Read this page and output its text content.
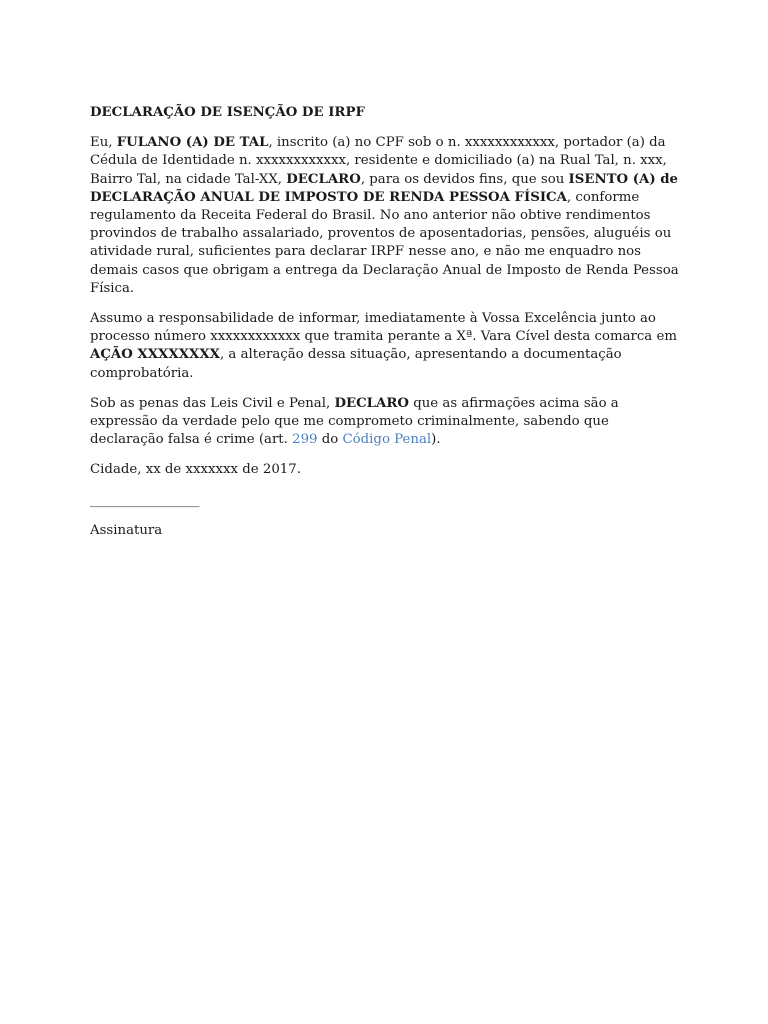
DECLARAÇÃO DE ISENÇÃO DE IRPF

Eu, FULANO (A) DE TAL, inscrito (a) no CPF sob o n. xxxxxxxxxxxx, portador (a) da Cédula de Identidade n. xxxxxxxxxxxx, residente e domiciliado (a) na Rual Tal, n. xxx, Bairro Tal, na cidade Tal-XX, DECLARO, para os devidos fins, que sou ISENTO (A) de DECLARAÇÃO ANUAL DE IMPOSTO DE RENDA PESSOA FÍSICA, conforme regulamento da Receita Federal do Brasil. No ano anterior não obtive rendimentos provindos de trabalho assalariado, proventos de aposentadorias, pensões, aluguéis ou atividade rural, suficientes para declarar IRPF nesse ano, e não me enquadro nos demais casos que obrigam a entrega da Declaração Anual de Imposto de Renda Pessoa Física.

Assumo a responsabilidade de informar, imediatamente à Vossa Excelência junto ao processo número xxxxxxxxxxxx que tramita perante a Xª. Vara Cível desta comarca em AÇÃO XXXXXXXX, a alteração dessa situação, apresentando a documentação comprobatória.

Sob as penas das Leis Civil e Penal, DECLARO que as afirmações acima são a expressão da verdade pelo que me comprometo criminalmente, sabendo que declaração falsa é crime (art. 299 do Código Penal).

Cidade, xx de xxxxxxx de 2017.

__________________

Assinatura
